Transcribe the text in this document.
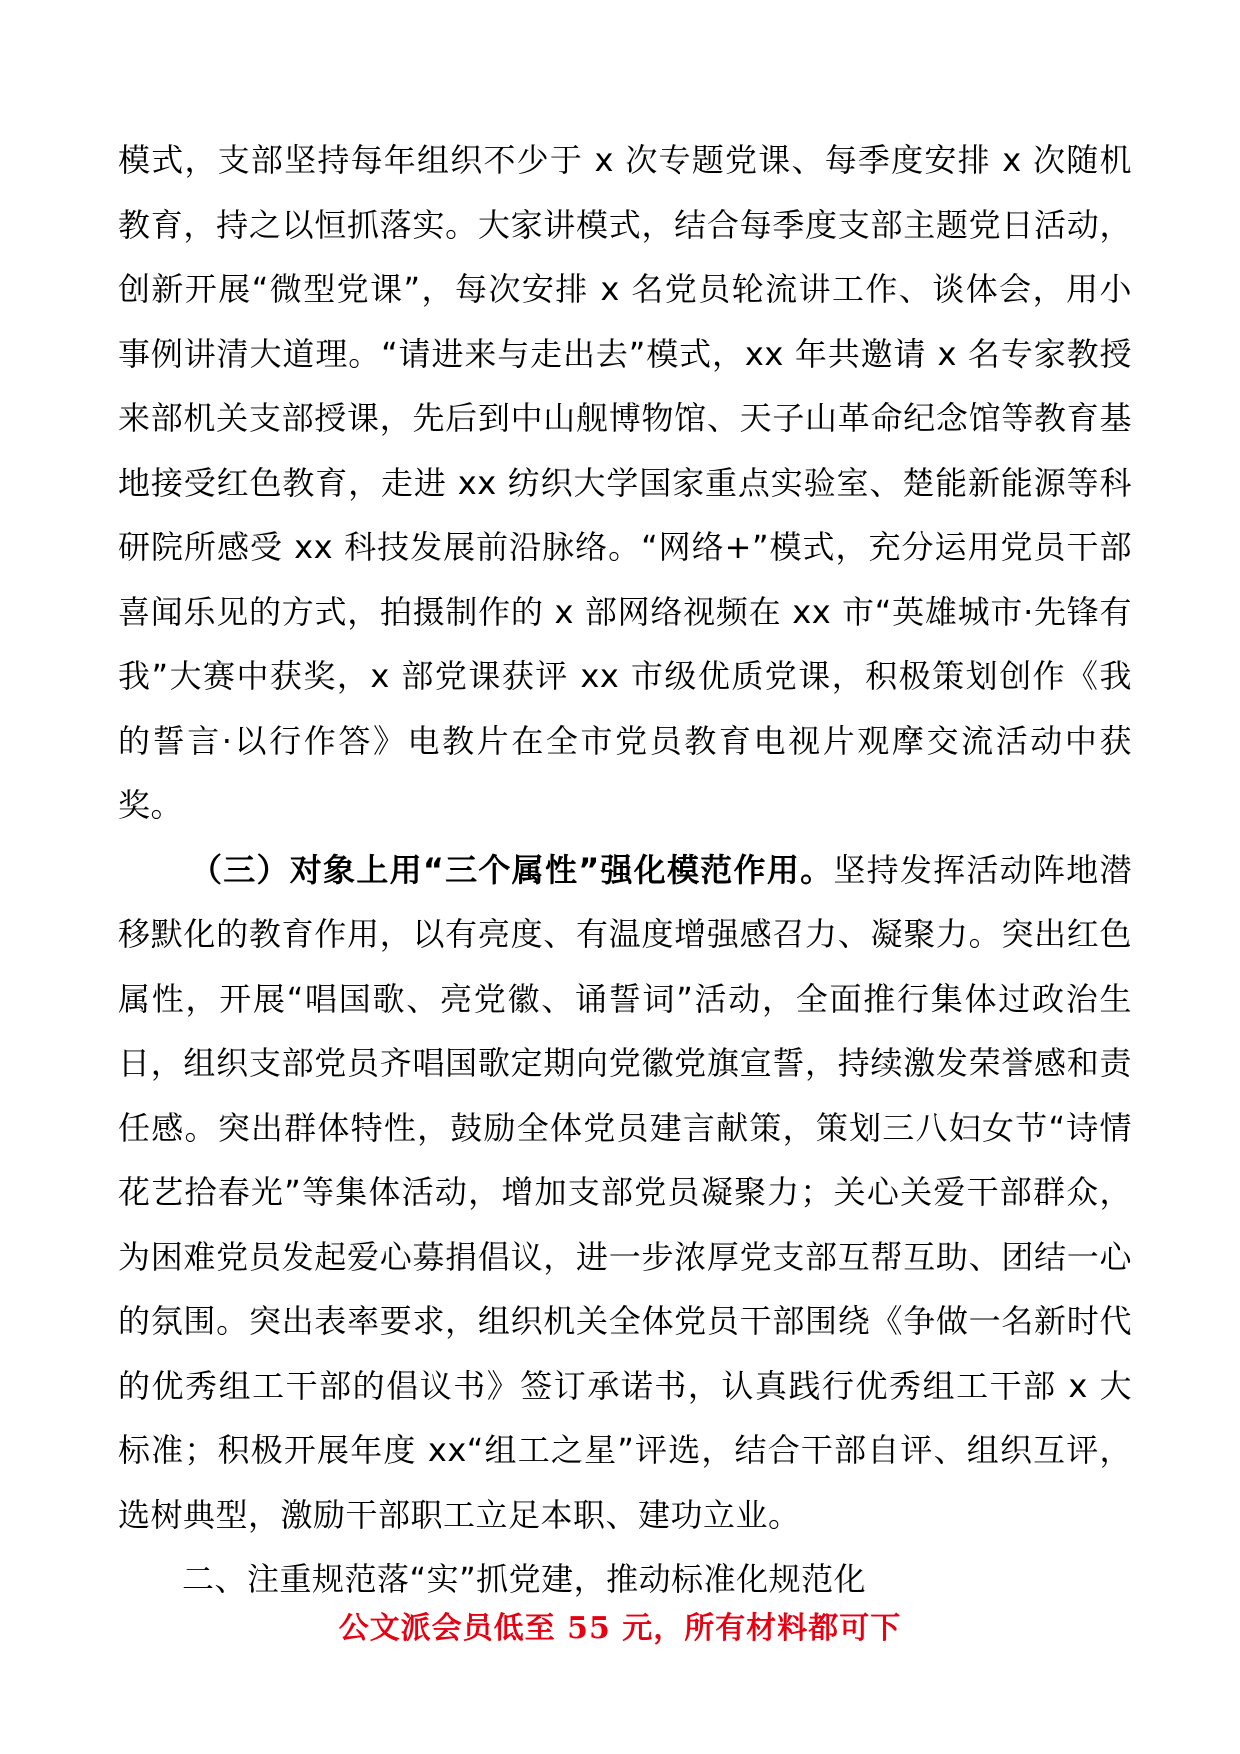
模式，支部坚持每年组织不少于 x 次专题党课、每季度安排 x 次随机教育，持之以恒抓落实。大家讲模式，结合每季度支部主题党日活动，创新开展“微型党课”，每次安排 x 名党员轮流讲工作、谈体会，用小事例讲清大道理。“请进来与走出去”模式，xx 年共邀请 x 名专家教授来部机关支部授课，先后到中山舰博物馆、天子山革命纪念馆等教育基地接受红色教育，走进 xx 纺织大学国家重点实验室、楚能新能源等科研院所感受 xx 科技发展前沿脉络。“网络+”模式，充分运用党员干部喜闻乐见的方式，拍摄制作的 x 部网络视频在 xx 市“英雄城市·先锋有我”大赛中获奖，x 部党课获评 xx 市级优质党课，积极策划创作《我的誓言·以行作答》电教片在全市党员教育电视片观摩交流活动中获奖。

（三）对象上用“三个属性”强化模范作用。坚持发挥活动阵地潜移默化的教育作用，以有亮度、有温度增强感召力、凝聚力。突出红色属性，开展“唱国歌、亮党徽、诵誓词”活动，全面推行集体过政治生日，组织支部党员齐唱国歌定期向党徽党旗宣誓，持续激发荣誉感和责任感。突出群体特性，鼓励全体党员建言献策，策划三八妇女节“诗情花艺拾春光”等集体活动，增加支部党员凝聚力；关心关爱干部群众，为困难党员发起爱心募捐倡议，进一步浓厚党支部互帮互助、团结一心的氛围。突出表率要求，组织机关全体党员干部围绕《争做一名新时代的优秀组工干部的倡议书》签订承诺书，认真践行优秀组工干部 x 大标准；积极开展年度 xx“组工之星”评选，结合干部自评、组织互评，选树典型，激励干部职工立足本职、建功立业。

二、注重规范落“实”抓党建，推动标准化规范化

公文派会员低至 55 元，所有材料都可下
